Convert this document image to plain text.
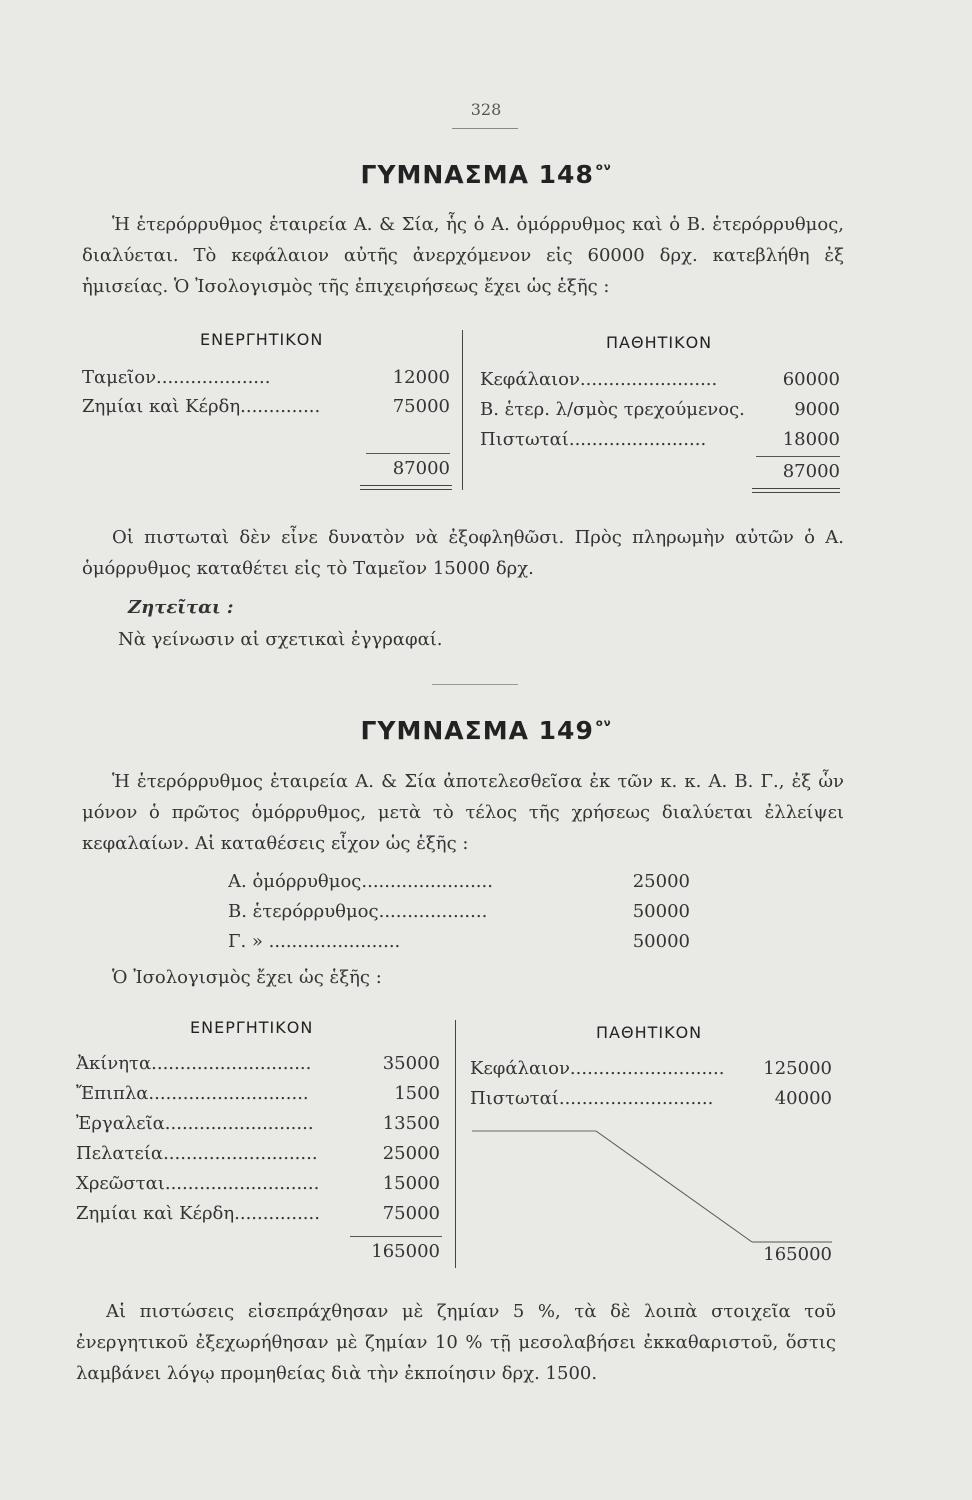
328
ΓΥΜΝΑΣΜΑ 148 $^{o\nu}$
Ἡ ἑτερόρρυθμος ἑταιρεία Α. & Σία, ἧς ὁ Α. ὁμόρρυθμος καὶ ὁ Β. ἑτερόρρυθμος, διαλύεται. Τὸ κεφάλαιον αὐτῆς ἀνερχόμενον εἰς 60000 δρχ. κατεβλήθη ἐξ ἡμισείας. Ὁ Ἰσολογισμὸς τῆς ἐπιχειρήσεως ἔχει ὡς ἑξῆς :
ΕΝΕΡΓΗΤΙΚΟΝ	ΠΑΘΗΤΙΚΟΝ
Ταμεῖον....................	12000
Ζημίαι καὶ Κέρδη..............	75000
87000
Κεφάλαιον........................	60000
Β. ἑτερ. λ/σμὸς τρεχούμενος.	9000
Πιστωταί........................	18000
87000
Οἱ πιστωταὶ δὲν εἶνε δυνατὸν νὰ ἐξοφληθῶσι. Πρὸς πληρωμὴν αὐτῶν ὁ Α. ὁμόρρυθμος καταθέτει εἰς τὸ Ταμεῖον 15000 δρχ.
Ζητεῖται :
Νὰ γείνωσιν αἱ σχετικαὶ ἐγγραφαί.
ΓΥΜΝΑΣΜΑ 149 $^{o\nu}$
Ἡ ἑτερόρρυθμος ἑταιρεία Α. & Σία ἀποτελεσθεῖσα ἐκ τῶν κ. κ. Α. Β. Γ., ἐξ ὧν μόνον ὁ πρῶτος ὁμόρρυθμος, μετὰ τὸ τέλος τῆς χρήσεως διαλύεται ἐλλείψει κεφαλαίων. Αἱ καταθέσεις εἶχον ὡς ἑξῆς :
Α. ὁμόρρυθμος.......................	25000
Β. ἑτερόρρυθμος...................	50000
Γ. » .......................	50000
Ὁ Ἰσολογισμὸς ἔχει ὡς ἑξῆς :
ΕΝΕΡΓΗΤΙΚΟΝ	ΠΑΘΗΤΙΚΟΝ
Ἀκίνητα............................	35000
Ἔπιπλα............................	1500
Ἐργαλεῖα..........................	13500
Πελατεία...........................	25000
Χρεῶσται...........................	15000
Ζημίαι καὶ Κέρδη...............	75000
165000
Κεφάλαιον...........................	125000
Πιστωταί...........................	40000
165000
Αἱ πιστώσεις εἰσεπράχθησαν μὲ ζημίαν 5 %, τὰ δὲ λοιπὰ στοιχεῖα τοῦ ἐνεργητικοῦ ἐξεχωρήθησαν μὲ ζημίαν 10 % τῇ μεσολαβήσει ἐκκαθαριστοῦ, ὅστις λαμβάνει λόγῳ προμηθείας διὰ τὴν ἐκποίησιν δρχ. 1500.
